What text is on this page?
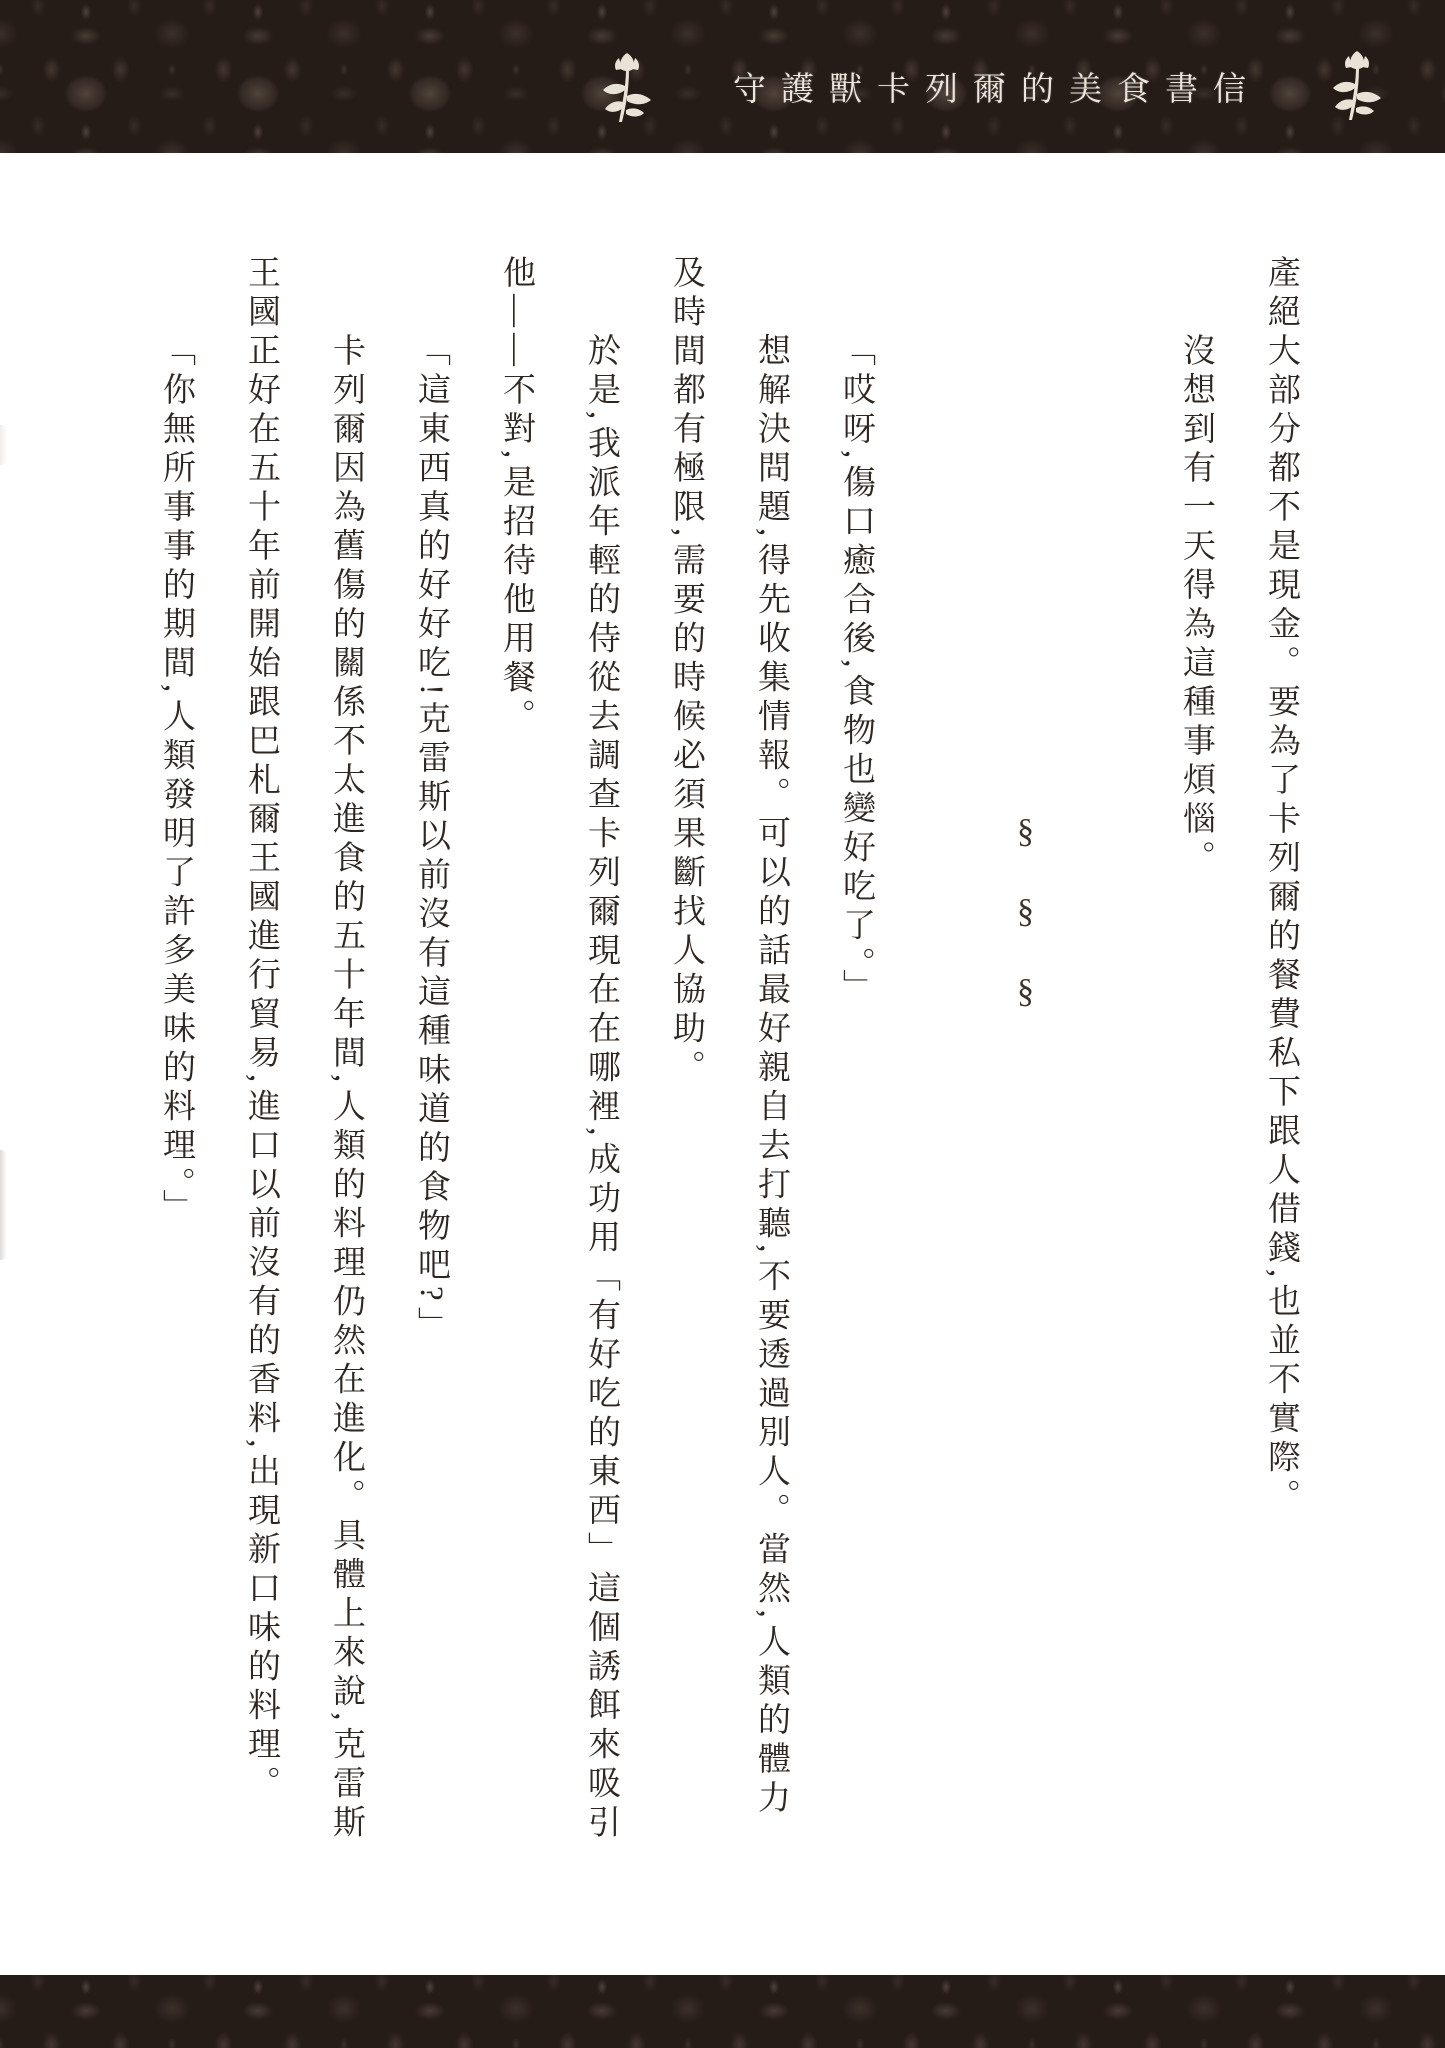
守護獸卡列爾的美食書信
產絕大部分都不是現金。要為了卡列爾的餐費私下跟人借錢,也並不實際。
沒想到有一天得為這種事煩惱。
§§§
「哎呀,傷口癒合後,食物也變好吃了。」
想解決問題,得先收集情報。可以的話最好親自去打聽,不要透過別人。當然,人類的體力
及時間都有極限,需要的時候必須果斷找人協助。
於是,我派年輕的侍從去調查卡列爾現在在哪裡,成功用「有好吃的東西」這個誘餌來吸引
他——不對,是招待他用餐。
「這東西真的好好吃!克雷斯以前沒有這種味道的食物吧?」
卡列爾因為舊傷的關係不太進食的五十年間,人類的料理仍然在進化。具體上來說,克雷斯
王國正好在五十年前開始跟巴札爾王國進行貿易,進口以前沒有的香料,出現新口味的料理。
「你無所事事的期間,人類發明了許多美味的料理。」
